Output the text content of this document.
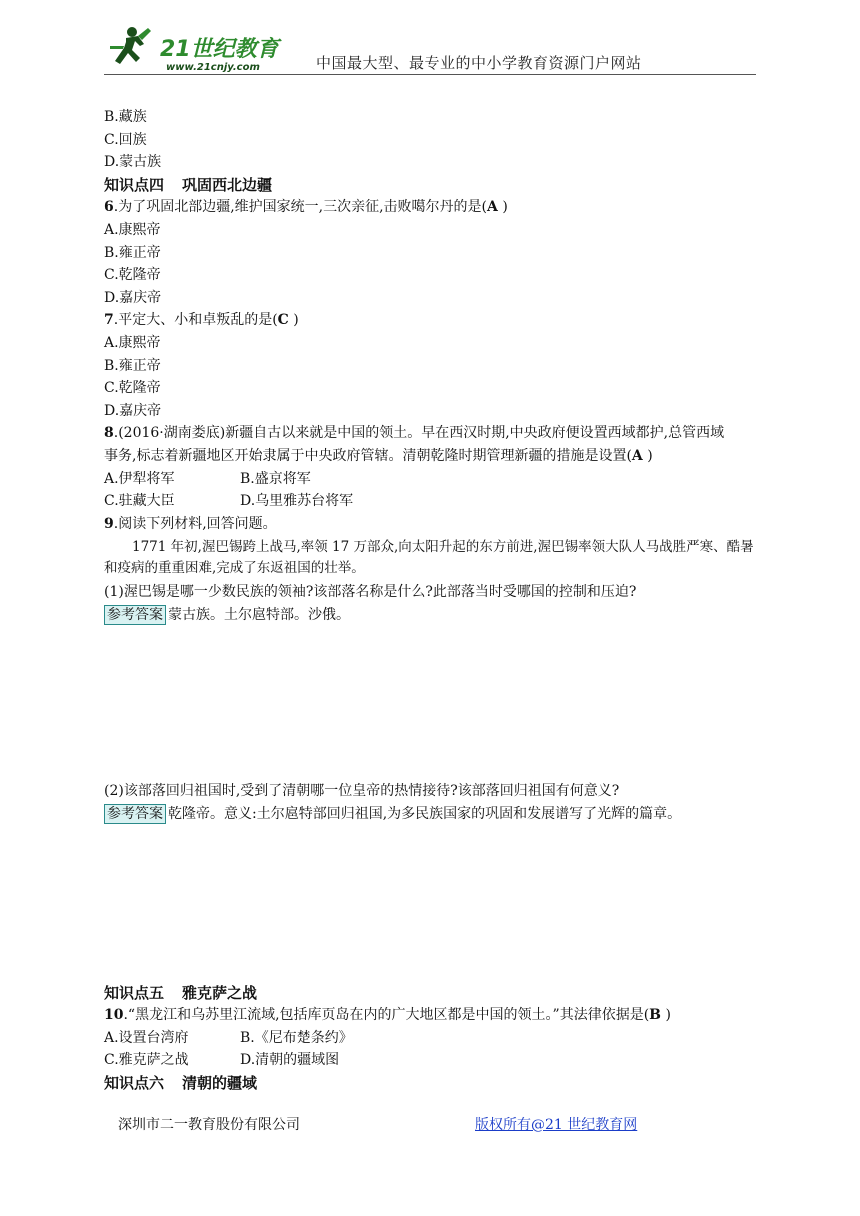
21世纪教育
www.21cnjy.com	中国最大型、最专业的中小学教育资源门户网站
B.藏族
C.回族
D.蒙古族
知识点四 巩固西北边疆
6.为了巩固北部边疆,维护国家统一,三次亲征,击败噶尔丹的是(A )
A.康熙帝
B.雍正帝
C.乾隆帝
D.嘉庆帝
7.平定大、小和卓叛乱的是(C )
A.康熙帝
B.雍正帝
C.乾隆帝
D.嘉庆帝
8.(2016·湖南娄底)新疆自古以来就是中国的领土。早在西汉时期,中央政府便设置西域都护,总管西域
事务,标志着新疆地区开始隶属于中央政府管辖。清朝乾隆时期管理新疆的措施是设置(A )
A.伊犁将军	B.盛京将军
C.驻藏大臣	D.乌里雅苏台将军
9.阅读下列材料,回答问题。
1771 年初,渥巴锡跨上战马,率领 17 万部众,向太阳升起的东方前进,渥巴锡率领大队人马战胜严寒、酷暑和疫病的重重困难,完成了东返祖国的壮举。
(1)渥巴锡是哪一少数民族的领袖?该部落名称是什么?此部落当时受哪国的控制和压迫?
参考答案 蒙古族。土尔扈特部。沙俄。
(2)该部落回归祖国时,受到了清朝哪一位皇帝的热情接待?该部落回归祖国有何意义?
参考答案 乾隆帝。意义:土尔扈特部回归祖国,为多民族国家的巩固和发展谱写了光辉的篇章。
知识点五 雅克萨之战
10.“黑龙江和乌苏里江流域,包括库页岛在内的广大地区都是中国的领土。”其法律依据是(B )
A.设置台湾府	B.《尼布楚条约》
C.雅克萨之战	D.清朝的疆域图
知识点六 清朝的疆域
深圳市二一教育股份有限公司	版权所有@21 世纪教育网
